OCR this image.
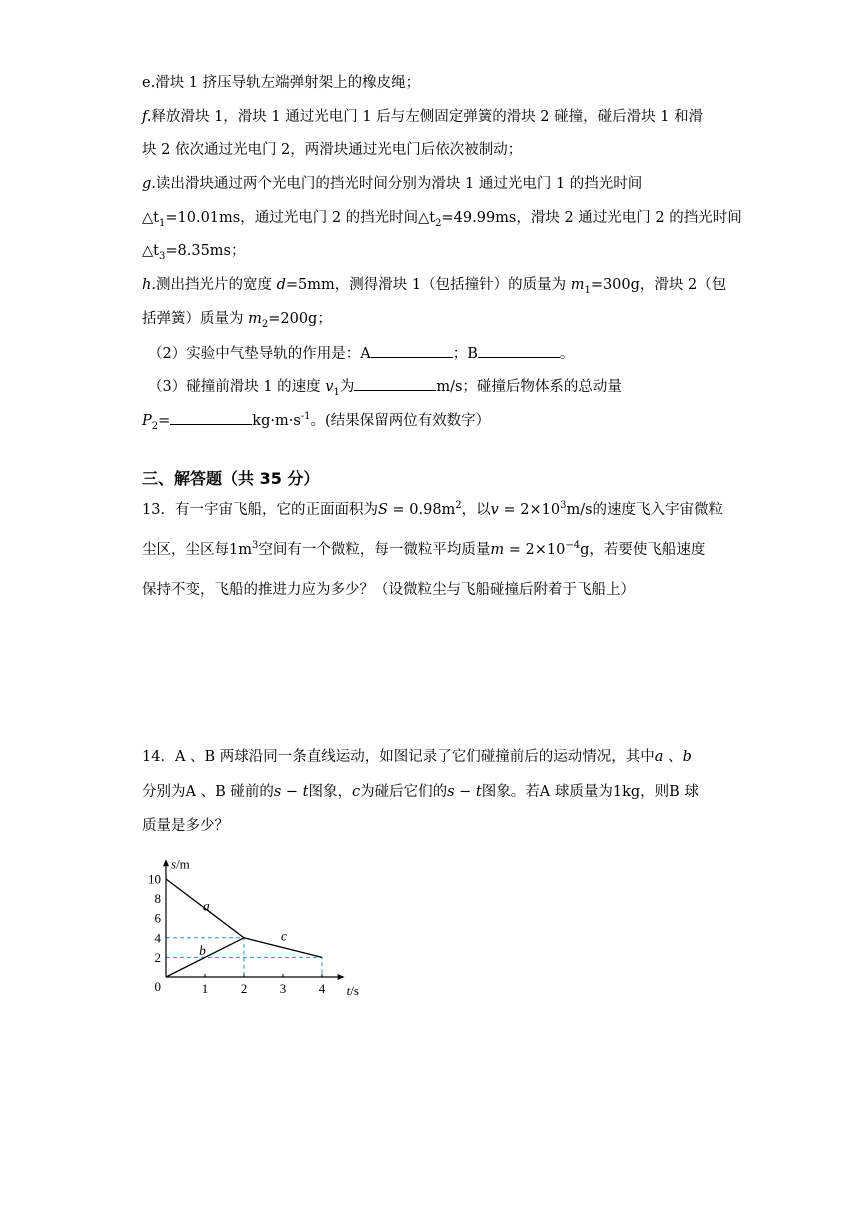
e.滑块 1 挤压导轨左端弹射架上的橡皮绳；
f.释放滑块 1，滑块 1 通过光电门 1 后与左侧固定弹簧的滑块 2 碰撞，碰后滑块 1 和滑
块 2 依次通过光电门 2，两滑块通过光电门后依次被制动；
g.读出滑块通过两个光电门的挡光时间分别为滑块 1 通过光电门 1 的挡光时间
$\triangle t_1=10.01ms$，通过光电门 2 的挡光时间$\triangle t_2=49.99ms$，滑块 2 通过光电门 2 的挡光时间
$\triangle t_3=8.35ms$；
h.测出挡光片的宽度 d=5mm，测得滑块 1（包括撞针）的质量为 $m_1=300g$，滑块 2（包
括弹簧）质量为 $m_2=200g$；
（2）实验中气垫导轨的作用是：A	；B	。
（3）碰撞前滑块 1 的速度 $v_1$为	m/s；碰撞后物体系的总动量
$P_2=$	$kg\cdot m\cdot s^{-1}$。(结果保留两位有效数字）
三、解答题（共 35 分）
13．有一宇宙飞船，它的正面面积为$S = 0.98m^2$，以$v = 2\times 10^3m/s$的速度飞入宇宙微粒
尘区，尘区每$1m^3$空间有一个微粒，每一微粒平均质量$m = 2\times 10^{-4}g$，若要使飞船速度
保持不变，飞船的推进力应为多少？（设微粒尘与飞船碰撞后附着于飞船上）
14．A 、B 两球沿同一条直线运动，如图记录了它们碰撞前后的运动情况，其中a 、b
分别为A 、B 碰前的s − t图象，c为碰后它们的s − t图象。若A 球质量为1kg，则B 球
质量是多少？
1	2	3	4
2
4
6
8
10
0
s/m
t/s
a
b
c
